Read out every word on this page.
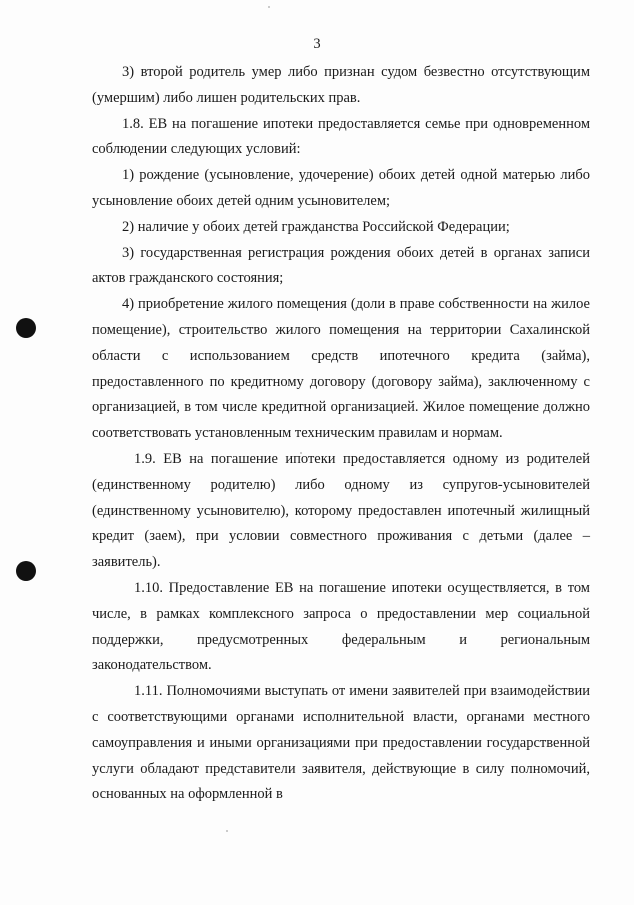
3

3) второй родитель умер либо признан судом безвестно отсутствующим (умершим) либо лишен родительских прав.

1.8. ЕВ на погашение ипотеки предоставляется семье при одновременном соблюдении следующих условий:

1) рождение (усыновление, удочерение) обоих детей одной матерью либо усыновление обоих детей одним усыновителем;

2) наличие у обоих детей гражданства Российской Федерации;

3) государственная регистрация рождения обоих детей в органах записи актов гражданского состояния;

4) приобретение жилого помещения (доли в праве собственности на жилое помещение), строительство жилого помещения на территории Сахалинской области с использованием средств ипотечного кредита (займа), предоставленного по кредитному договору (договору займа), заключенному с организацией, в том числе кредитной организацией. Жилое помещение должно соответствовать установленным техническим правилам и нормам.

1.9. ЕВ на погашение ипотеки предоставляется одному из родителей (единственному родителю) либо одному из супругов-усыновителей (единственному усыновителю), которому предоставлен ипотечный жилищный кредит (заем), при условии совместного проживания с детьми (далее – заявитель).

1.10. Предоставление ЕВ на погашение ипотеки осуществляется, в том числе, в рамках комплексного запроса о предоставлении мер социальной поддержки, предусмотренных федеральным и региональным законодательством.

1.11. Полномочиями выступать от имени заявителей при взаимодействии с соответствующими органами исполнительной власти, органами местного самоуправления и иными организациями при предоставлении государственной услуги обладают представители заявителя, действующие в силу полномочий, основанных на оформленной в
